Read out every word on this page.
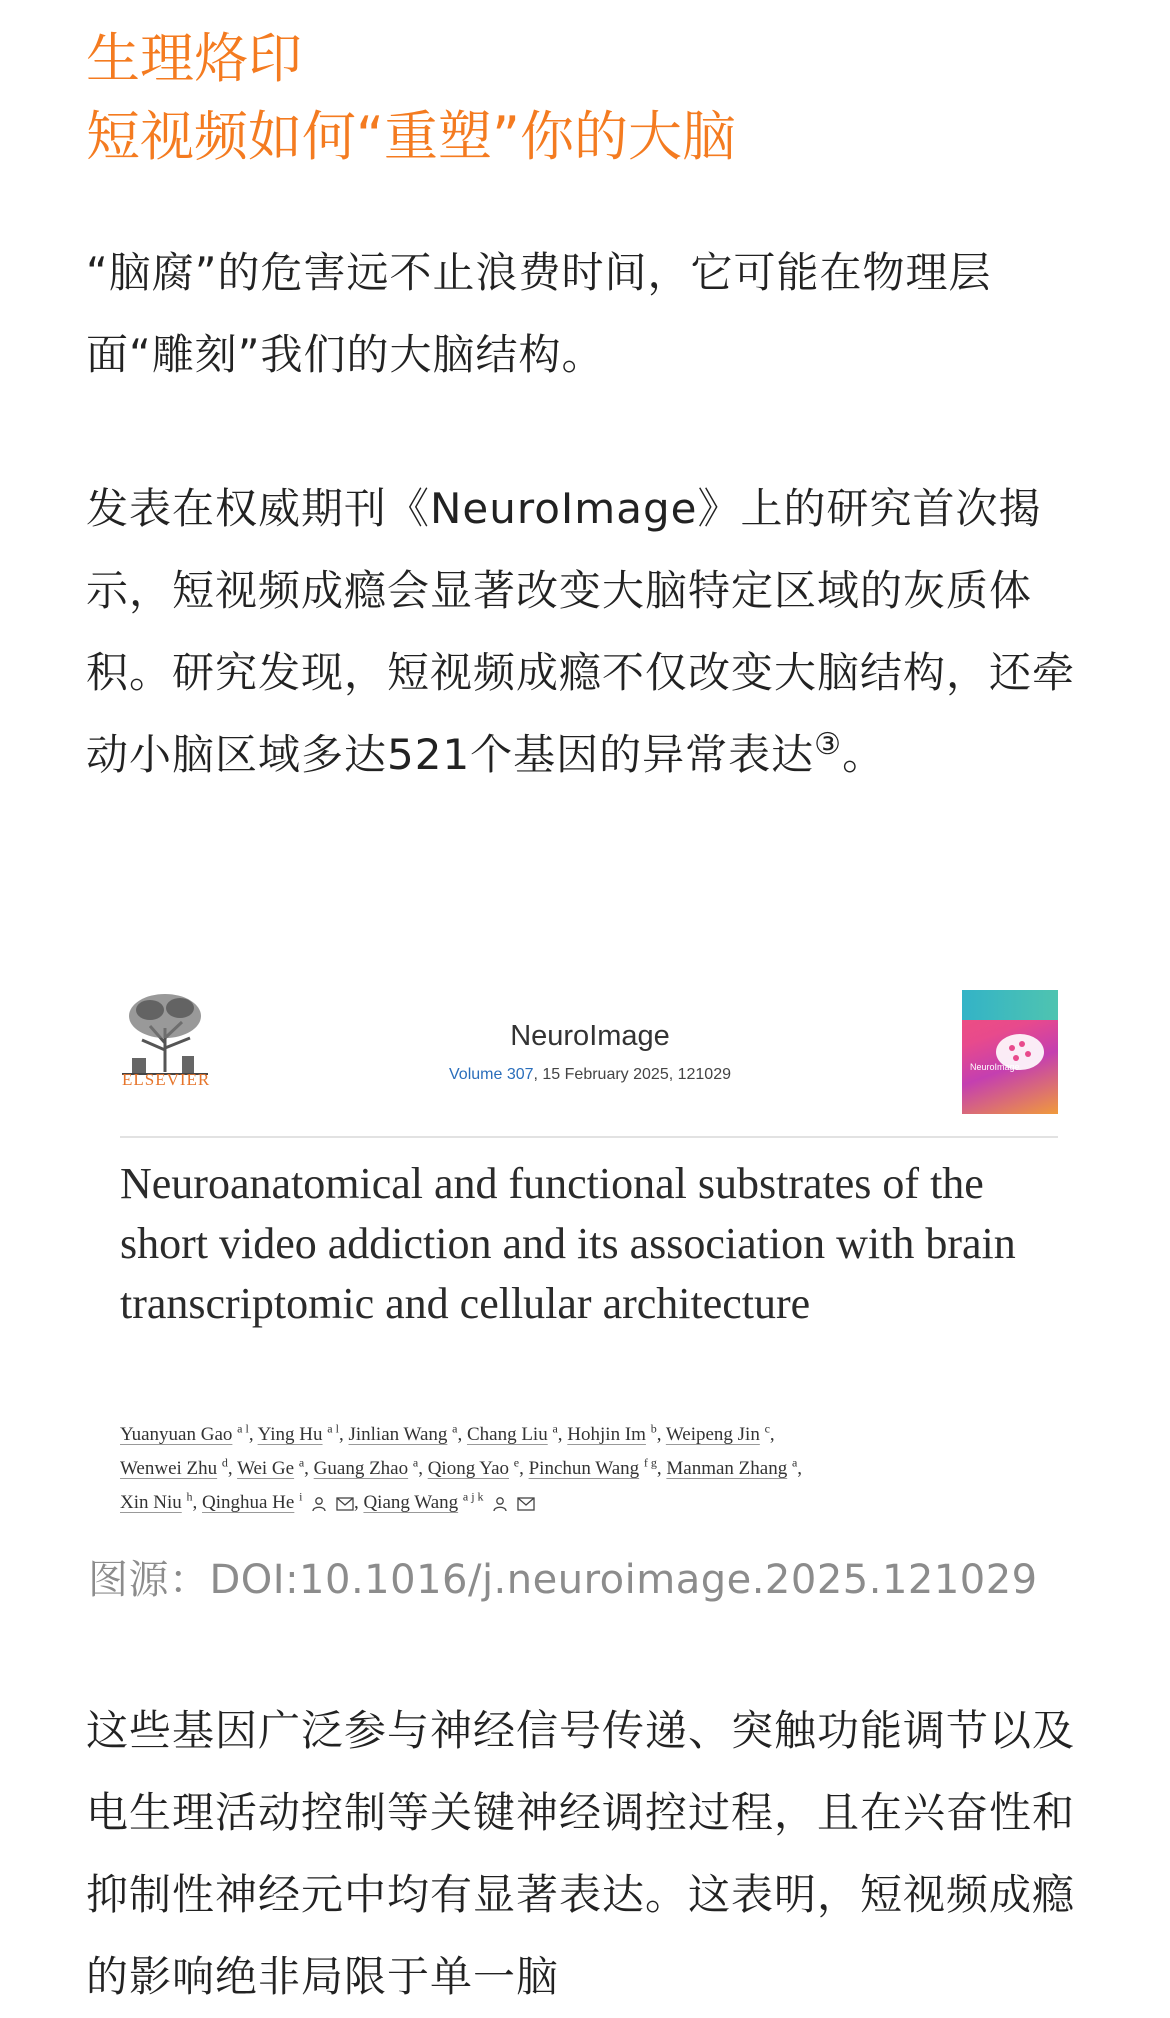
生理烙印
短视频如何“重塑”你的大脑

“脑腐”的危害远不止浪费时间，它可能在物理层面“雕刻”我们的大脑结构。

发表在权威期刊《NeuroImage》上的研究首次揭示，短视频成瘾会显著改变大脑特定区域的灰质体积。研究发现，短视频成瘾不仅改变大脑结构，还牵动小脑区域多达521个基因的异常表达③。

ELSEVIER
NeuroImage
Volume 307, 15 February 2025, 121029	NeuroImage
Neuroanatomical and functional substrates of the short video addiction and its association with brain transcriptomic and cellular architecture
Yuanyuan Gao $^{a l}$, Ying Hu $^{a l}$, Jinlian Wang $^a$, Chang Liu $^a$, Hohjin Im $^b$, Weipeng Jin $^c$,
Wenwei Zhu $^d$, Wei Ge $^a$, Guang Zhao $^a$, Qiong Yao $^e$, Pinchun Wang $^{f g}$, Manman Zhang $^a$,
Xin Niu $^h$, Qinghua He $^i$	, Qiang Wang $^{a j k}$
图源：DOI:10.1016/j.neuroimage.2025.121029

这些基因广泛参与神经信号传递、突触功能调节以及电生理活动控制等关键神经调控过程，且在兴奋性和抑制性神经元中均有显著表达。这表明，短视频成瘾的影响绝非局限于单一脑
